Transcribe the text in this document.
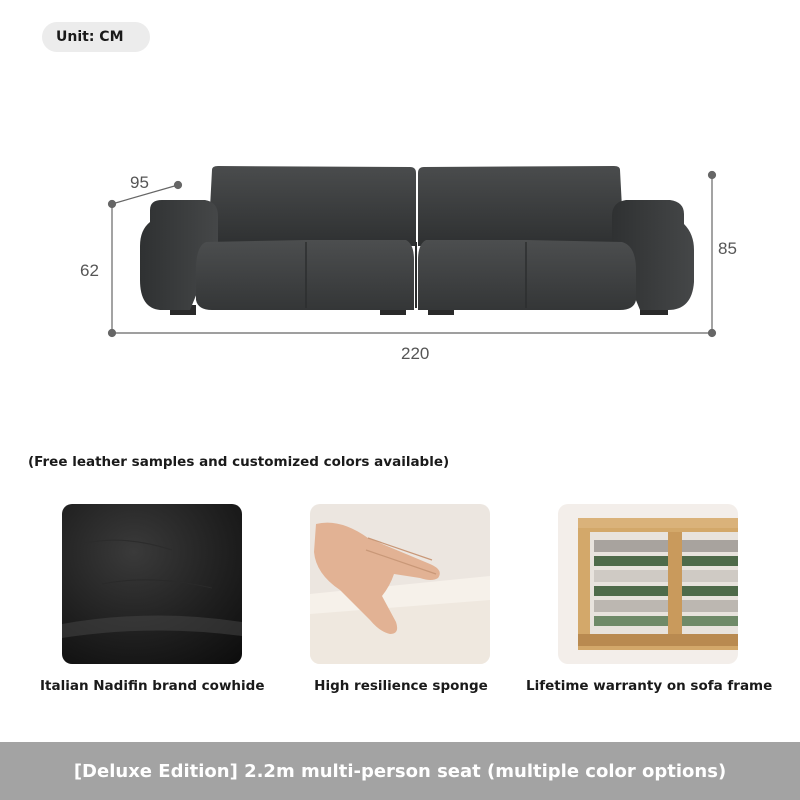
Unit: CM
95
62
85
220
(Free leather samples and customized colors available)
Italian Nadifin brand cowhide	High resilience sponge	Lifetime warranty on sofa frame
[Deluxe Edition] 2.2m multi-person seat (multiple color options)
